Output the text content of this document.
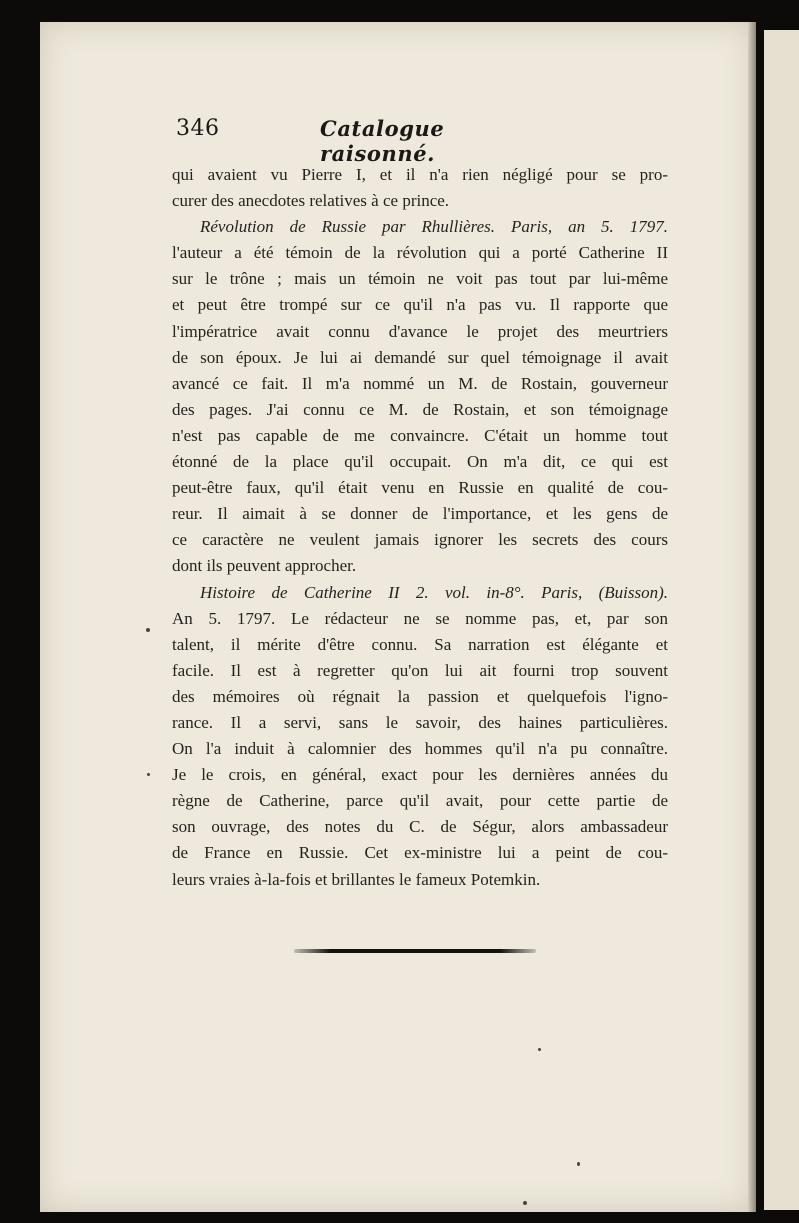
346	Catalogue raisonné.
qui avaient vu Pierre I, et il n'a rien négligé pour se pro-
curer des anecdotes relatives à ce prince.
Révolution de Russie par Rhullières. Paris, an 5. 1797.
l'auteur a été témoin de la révolution qui a porté Catherine II
sur le trône ; mais un témoin ne voit pas tout par lui-même
et peut être trompé sur ce qu'il n'a pas vu. Il rapporte que
l'impératrice avait connu d'avance le projet des meurtriers
de son époux. Je lui ai demandé sur quel témoignage il avait
avancé ce fait. Il m'a nommé un M. de Rostain, gouverneur
des pages. J'ai connu ce M. de Rostain, et son témoignage
n'est pas capable de me convaincre. C'était un homme tout
étonné de la place qu'il occupait. On m'a dit, ce qui est
peut-être faux, qu'il était venu en Russie en qualité de cou-
reur. Il aimait à se donner de l'importance, et les gens de
ce caractère ne veulent jamais ignorer les secrets des cours
dont ils peuvent approcher.
Histoire de Catherine II 2. vol. in-8°. Paris, (Buisson).
An 5. 1797. Le rédacteur ne se nomme pas, et, par son
talent, il mérite d'être connu. Sa narration est élégante et
facile. Il est à regretter qu'on lui ait fourni trop souvent
des mémoires où régnait la passion et quelquefois l'igno-
rance. Il a servi, sans le savoir, des haines particulières.
On l'a induit à calomnier des hommes qu'il n'a pu connaître.
Je le crois, en général, exact pour les dernières années du
règne de Catherine, parce qu'il avait, pour cette partie de
son ouvrage, des notes du C. de Ségur, alors ambassadeur
de France en Russie. Cet ex-ministre lui a peint de cou-
leurs vraies à-la-fois et brillantes le fameux Potemkin.
